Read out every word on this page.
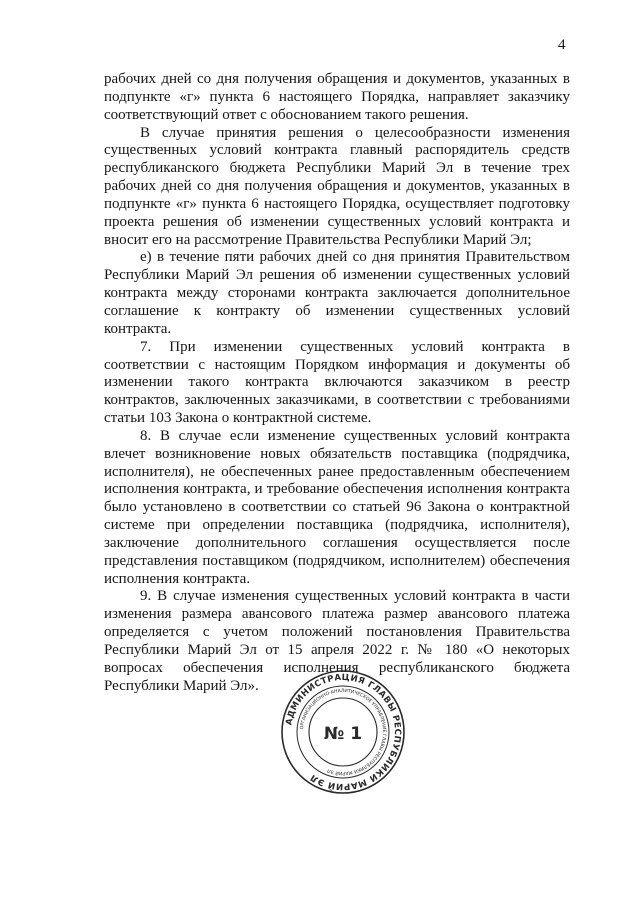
4

рабочих дней со дня получения обращения и документов, указанных в подпункте «г» пункта 6 настоящего Порядка, направляет заказчику соответствующий ответ с обоснованием такого решения.

В случае принятия решения о целесообразности изменения существенных условий контракта главный распорядитель средств республиканского бюджета Республики Марий Эл в течение трех рабочих дней со дня получения обращения и документов, указанных в подпункте «г» пункта 6 настоящего Порядка, осуществляет подготовку проекта решения об изменении существенных условий контракта и вносит его на рассмотрение Правительства Республики Марий Эл;

е) в течение пяти рабочих дней со дня принятия Правительством Республики Марий Эл решения об изменении существенных условий контракта между сторонами контракта заключается дополнительное соглашение к контракту об изменении существенных условий контракта.

7. При изменении существенных условий контракта в соответствии с настоящим Порядком информация и документы об изменении такого контракта включаются заказчиком в реестр контрактов, заключенных заказчиками, в соответствии с требованиями статьи 103 Закона о контрактной системе.

8. В случае если изменение существенных условий контракта влечет возникновение новых обязательств поставщика (подрядчика, исполнителя), не обеспеченных ранее предоставленным обеспечением исполнения контракта, и требование обеспечения исполнения контракта было установлено в соответствии со статьей 96 Закона о контрактной системе при определении поставщика (подрядчика, исполнителя), заключение дополнительного соглашения осуществляется после представления поставщиком (подрядчиком, исполнителем) обеспечения исполнения контракта.

9. В случае изменения существенных условий контракта в части изменения размера авансового платежа размер авансового платежа определяется с учетом положений постановления Правительства Республики Марий Эл от 15 апреля 2022 г. № 180 «О некоторых вопросах обеспечения исполнения республиканского бюджета Республики Марий Эл».

АДМИНИСТРАЦИЯ ГЛАВЫ РЕСПУБЛИКИ МАРИЙ ЭЛ
ОРГАНИЗАЦИОННО-АНАЛИТИЧЕСКОЕ УПРАВЛЕНИЕ ГЛАВЫ РЕСПУБЛИКИ МАРИЙ ЭЛ
№ 1
